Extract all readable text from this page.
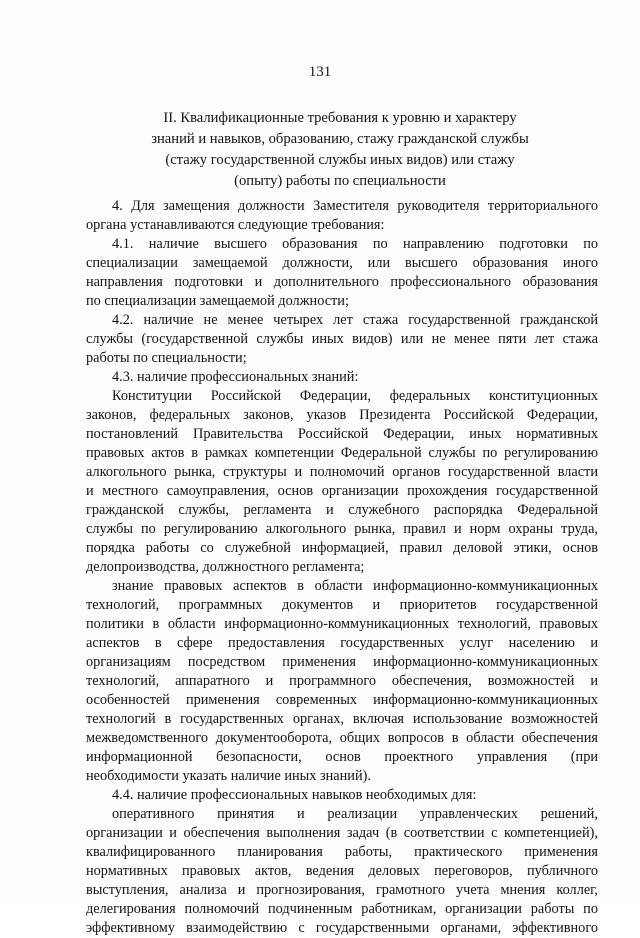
131
II. Квалификационные требования к уровню и характеру
знаний и навыков, образованию, стажу гражданской службы
(стажу государственной службы иных видов) или стажу
(опыту) работы по специальности
4. Для замещения должности Заместителя руководителя территориального
органа устанавливаются следующие требования:
4.1. наличие высшего образования по направлению подготовки по
специализации замещаемой должности, или высшего образования иного
направления подготовки и дополнительного профессионального образования
по специализации замещаемой должности;
4.2. наличие не менее четырех лет стажа государственной гражданской
службы (государственной службы иных видов) или не менее пяти лет стажа
работы по специальности;
4.3. наличие профессиональных знаний:
Конституции Российской Федерации, федеральных конституционных
законов, федеральных законов, указов Президента Российской Федерации,
постановлений Правительства Российской Федерации, иных нормативных
правовых актов в рамках компетенции Федеральной службы по регулированию
алкогольного рынка, структуры и полномочий органов государственной власти
и местного самоуправления, основ организации прохождения государственной
гражданской службы, регламента и служебного распорядка Федеральной
службы по регулированию алкогольного рынка, правил и норм охраны труда,
порядка работы со служебной информацией, правил деловой этики, основ
делопроизводства, должностного регламента;
знание правовых аспектов в области информационно-коммуникационных
технологий, программных документов и приоритетов государственной
политики в области информационно-коммуникационных технологий, правовых
аспектов в сфере предоставления государственных услуг населению и
организациям посредством применения информационно-коммуникационных
технологий, аппаратного и программного обеспечения, возможностей и
особенностей применения современных информационно-коммуникационных
технологий в государственных органах, включая использование возможностей
межведомственного документооборота, общих вопросов в области обеспечения
информационной безопасности, основ проектного управления (при
необходимости указать наличие иных знаний).
4.4. наличие профессиональных навыков необходимых для:
оперативного принятия и реализации управленческих решений,
организации и обеспечения выполнения задач (в соответствии с компетенцией),
квалифицированного планирования работы, практического применения
нормативных правовых актов, ведения деловых переговоров, публичного
выступления, анализа и прогнозирования, грамотного учета мнения коллег,
делегирования полномочий подчиненным работникам, организации работы по
эффективному взаимодействию с государственными органами, эффективного
